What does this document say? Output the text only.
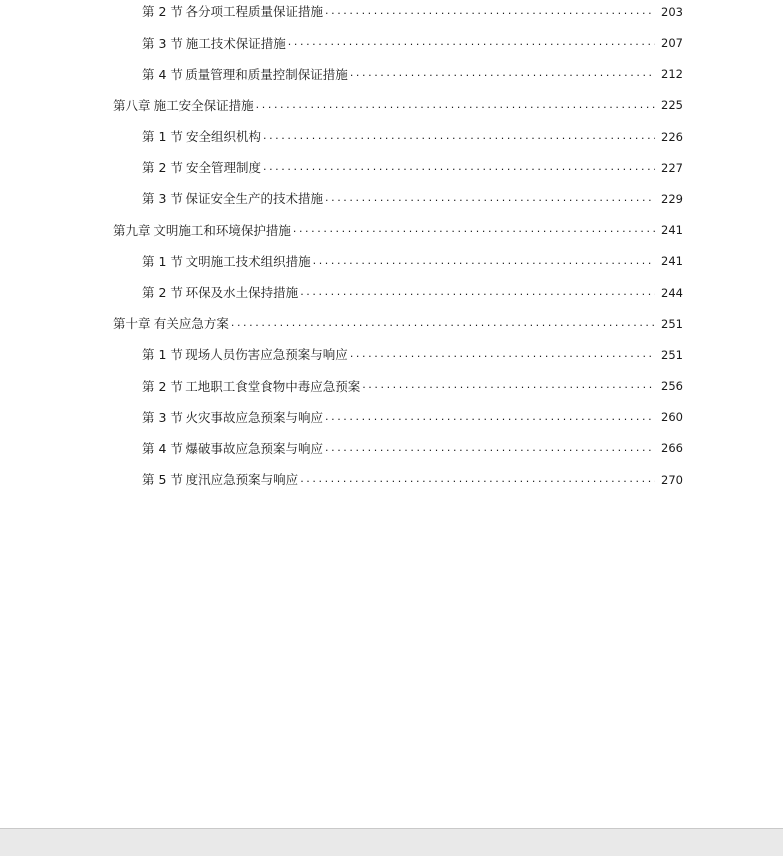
第 2 节 各分项工程质量保证措施 .....	203
第 3 节 施工技术保证措施 .....	207
第 4 节 质量管理和质量控制保证措施 .....	212
第八章 施工安全保证措施 .....	225
第 1 节 安全组织机构 .....	226
第 2 节 安全管理制度 .....	227
第 3 节 保证安全生产的技术措施 .....	229
第九章 文明施工和环境保护措施 .....	241
第 1 节 文明施工技术组织措施 .....	241
第 2 节 环保及水土保持措施 .....	244
第十章 有关应急方案 .....	251
第 1 节 现场人员伤害应急预案与响应 .....	251
第 2 节 工地职工食堂食物中毒应急预案 .....	256
第 3 节 火灾事故应急预案与响应 .....	260
第 4 节 爆破事故应急预案与响应 .....	266
第 5 节 度汛应急预案与响应 .....	270
